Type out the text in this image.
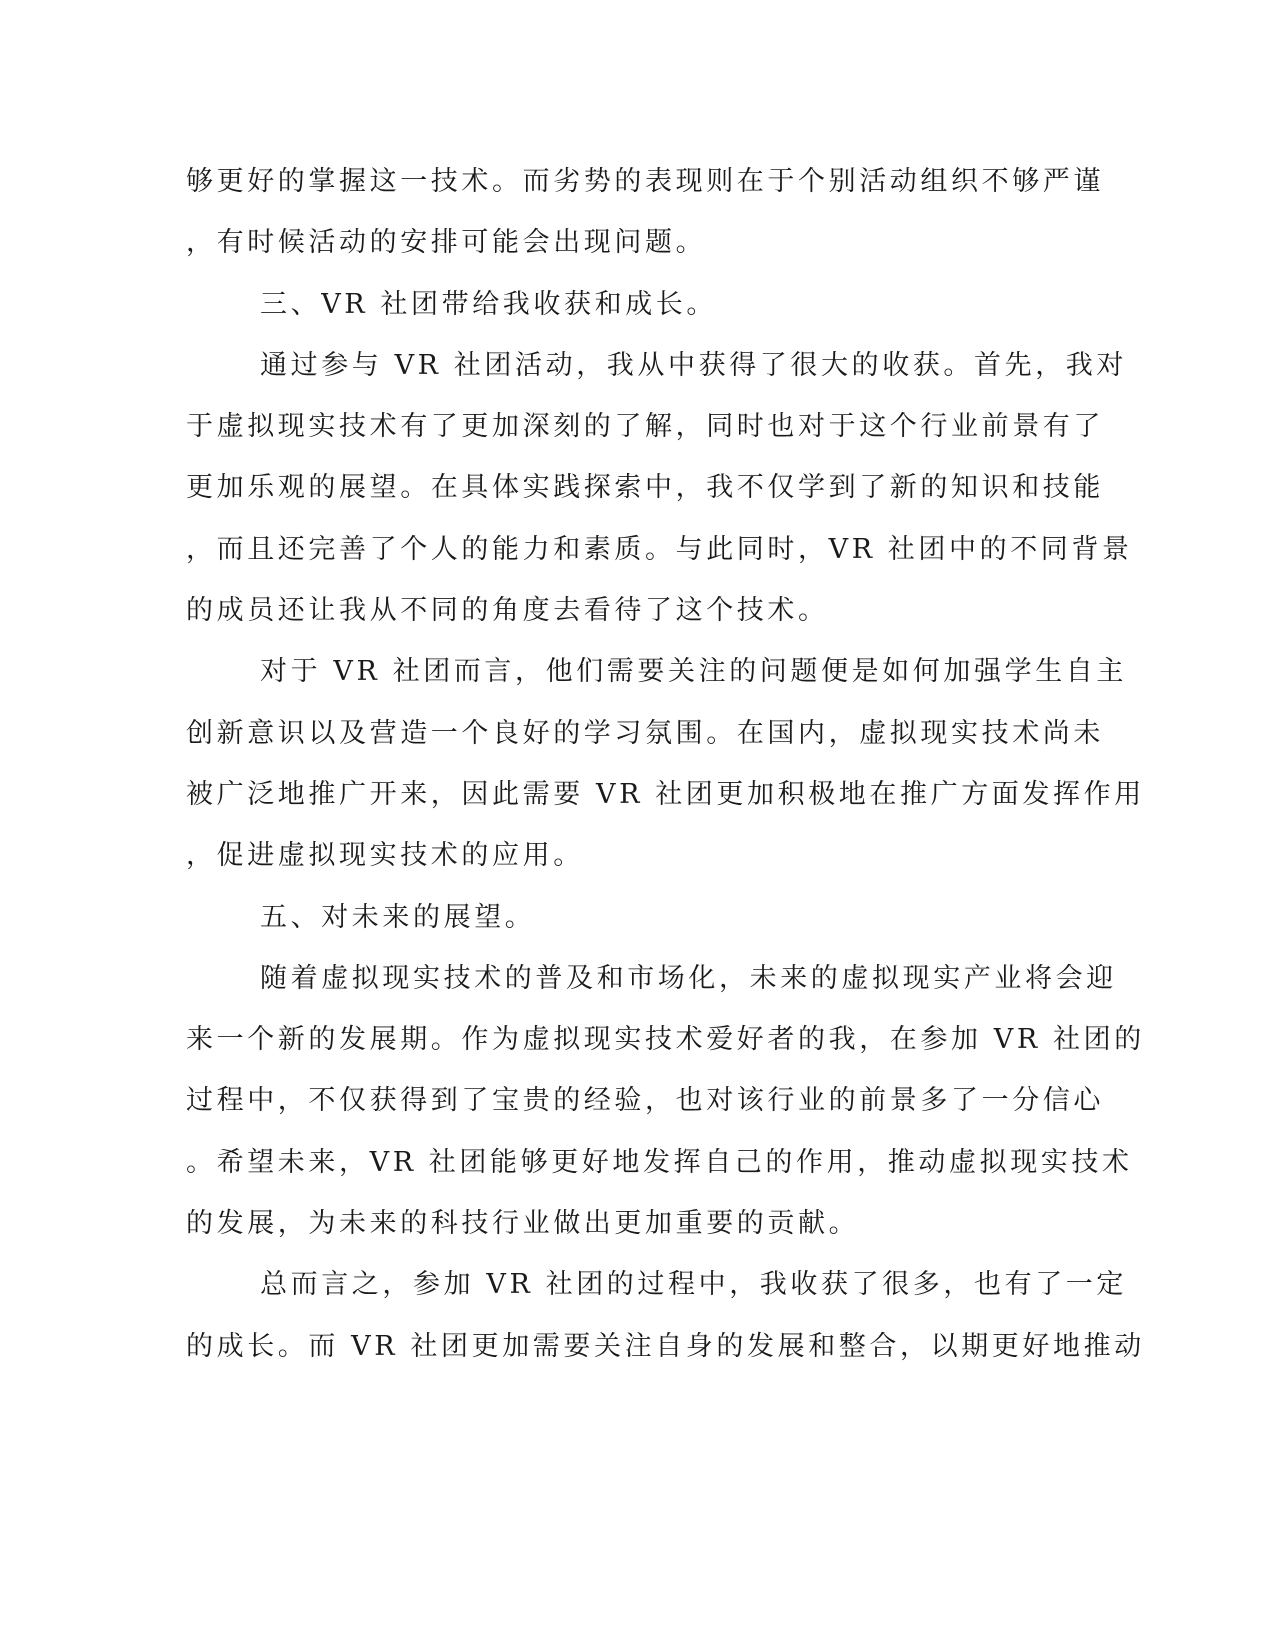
够更好的掌握这一技术。而劣势的表现则在于个别活动组织不够严谨
，有时候活动的安排可能会出现问题。
三、VR 社团带给我收获和成长。
通过参与 VR 社团活动，我从中获得了很大的收获。首先，我对
于虚拟现实技术有了更加深刻的了解，同时也对于这个行业前景有了
更加乐观的展望。在具体实践探索中，我不仅学到了新的知识和技能
，而且还完善了个人的能力和素质。与此同时，VR 社团中的不同背景
的成员还让我从不同的角度去看待了这个技术。
对于 VR 社团而言，他们需要关注的问题便是如何加强学生自主
创新意识以及营造一个良好的学习氛围。在国内，虚拟现实技术尚未
被广泛地推广开来，因此需要 VR 社团更加积极地在推广方面发挥作用
，促进虚拟现实技术的应用。
五、对未来的展望。
随着虚拟现实技术的普及和市场化，未来的虚拟现实产业将会迎
来一个新的发展期。作为虚拟现实技术爱好者的我，在参加 VR 社团的
过程中，不仅获得到了宝贵的经验，也对该行业的前景多了一分信心
。希望未来，VR 社团能够更好地发挥自己的作用，推动虚拟现实技术
的发展，为未来的科技行业做出更加重要的贡献。
总而言之，参加 VR 社团的过程中，我收获了很多，也有了一定
的成长。而 VR 社团更加需要关注自身的发展和整合，以期更好地推动
